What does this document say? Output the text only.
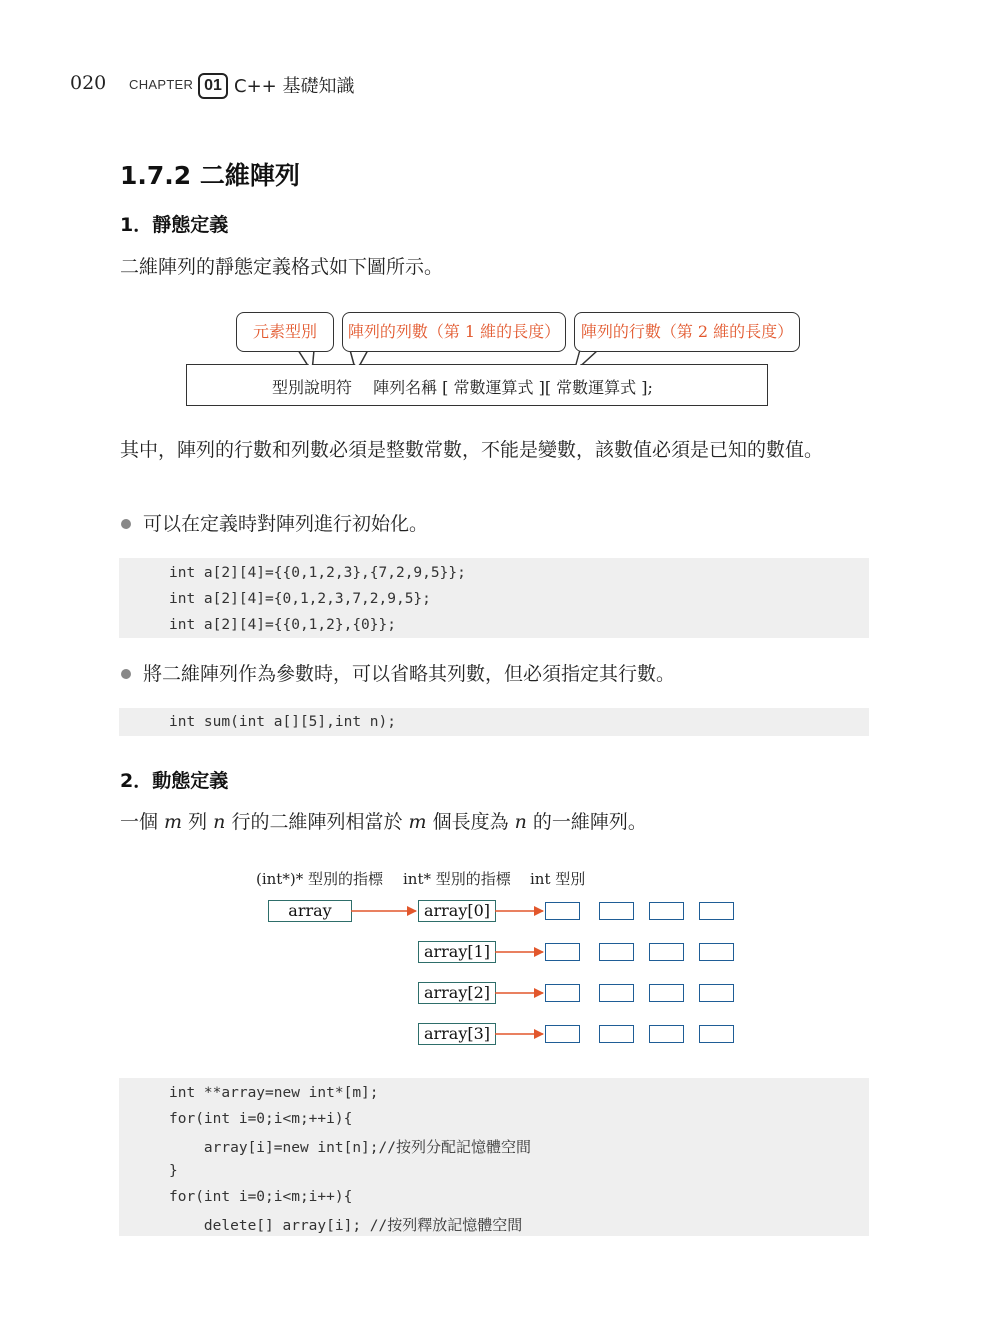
020 CHAPTER 01 C++ 基礎知識
1.7.2 二維陣列
1．靜態定義
二維陣列的靜態定義格式如下圖所示。
型別說明符　 陣列名稱 [ 常數運算式 ][ 常數運算式 ];
元素型別	陣列的列數（第 1 維的長度）	陣列的行數（第 2 維的長度）
其中，陣列的行數和列數必須是整數常數，不能是變數，該數值必須是已知的數值。
可以在定義時對陣列進行初始化。
int a[2][4]={{0,1,2,3},{7,2,9,5}};
int a[2][4]={0,1,2,3,7,2,9,5};
int a[2][4]={{0,1,2},{0}};
將二維陣列作為參數時，可以省略其列數，但必須指定其行數。
int sum(int a[][5],int n);
2．動態定義
一個 m 列 n 行的二維陣列相當於 m 個長度為 n 的一維陣列。
(int*)* 型別的指標 int* 型別的指標 int 型別
array	array[0]
array[1]
array[2]
array[3]
int **array=new int*[m];
for(int i=0;i<m;++i){
array[i]=new int[n];//按列分配記憶體空間
}
for(int i=0;i<m;i++){
delete[] array[i]; //按列釋放記憶體空間
